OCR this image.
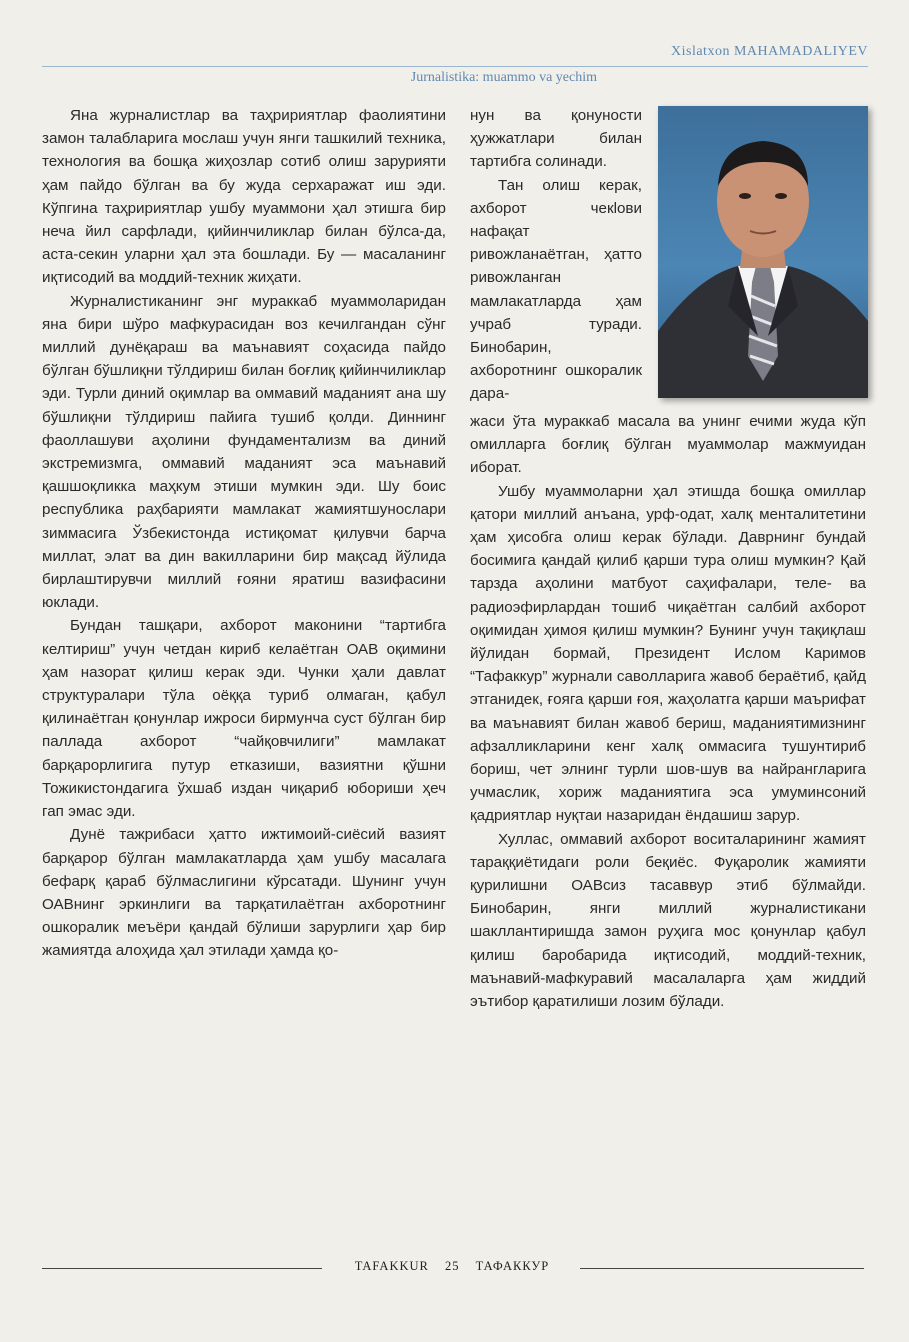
Xislatxon MAHAMADALIYEV
Jurnalistika: muammo va yechim

Яна журналистлар ва таҳририятлар фаолиятини замон талабларига мослаш учун янги ташкилий техника, технология ва бошқа жиҳозлар сотиб олиш зарурияти ҳам пайдо бўлган ва бу жуда серхаражат иш эди. Кўпгина таҳририятлар ушбу муаммони ҳал этишга бир неча йил сарфлади, қийинчиликлар билан бўлса-да, аста-секин уларни ҳал эта бошлади. Бу — масаланинг иқтисодий ва моддий-техник жиҳати.

Журналистиканинг энг мураккаб муаммоларидан яна бири шўро мафкурасидан воз кечилгандан сўнг миллий дунёқараш ва маънавият соҳасида пайдо бўлган бўшлиқни тўлдириш билан боғлиқ қийинчиликлар эди. Турли диний оқимлар ва оммавий маданият ана шу бўшлиқни тўлдириш пайига тушиб қолди. Диннинг фаоллашуви аҳолини фундаментализм ва диний экстремизмга, оммавий маданият эса маънавий қашшоқликка маҳкум этиши мумкин эди. Шу боис республика раҳбарияти мамлакат жамиятшунослари зиммасига Ўзбекистонда истиқомат қилувчи барча миллат, элат ва дин вакилларини бир мақсад йўлида бирлаштирувчи миллий ғояни яратиш вазифасини юклади.

Бундан ташқари, ахборот маконини “тартибга келтириш” учун четдан кириб келаётган ОАВ оқимини ҳам назорат қилиш керак эди. Чунки ҳали давлат структуралари тўла оёққа туриб олмаган, қабул қилинаётган қонунлар ижроси бирмунча суст бўлган бир паллада ахборот “чайқовчилиги” мамлакат барқарорлигига путур етказиши, вазиятни қўшни Тожикистондагига ўхшаб издан чиқариб юбориши ҳеч гап эмас эди.

Дунё тажрибаси ҳатто ижтимоий-сиёсий вазият барқарор бўлган мамлакатларда ҳам ушбу масалага бефарқ қараб бўлмаслигини кўрсатади. Шунинг учун ОАВнинг эркинлиги ва тарқатилаётган ахборотнинг ошкоралик меъёри қандай бўлиши зарурлиги ҳар бир жамиятда алоҳида ҳал этилади ҳамда қо-

нун ва қонуности ҳужжатлари билан тартибга солинади.

Тан олиш керак, ахборот чекlови нафақат ривожланаётган, ҳатто ривожланган мамлакатларда ҳам учраб туради. Бинобарин, ахборотнинг ошкоралик дара-

жаси ўта мураккаб масала ва унинг ечими жуда кўп омилларга боғлиқ бўлган муаммолар мажмуидан иборат.

Ушбу муаммоларни ҳал этишда бошқа омиллар қатори миллий анъана, урф-одат, халқ менталитетини ҳам ҳисобга олиш керак бўлади. Даврнинг бундай босимига қандай қилиб қарши тура олиш мумкин? Қай тарзда аҳолини матбуот саҳифалари, теле- ва радиоэфирлардан тошиб чиқаётган салбий ахборот оқимидан ҳимоя қилиш мумкин? Бунинг учун тақиқлаш йўлидан бормай, Президент Ислом Каримов “Тафаккур” журнали саволларига жавоб бераётиб, қайд этганидек, ғояга қарши ғоя, жаҳолатга қарши маърифат ва маънавият билан жавоб бериш, маданиятимизнинг афзалликларини кенг халқ оммасига тушунтириб бориш, чет элнинг турли шов-шув ва найрангларига учмаслик, хориж маданиятига эса умуминсоний қадриятлар нуқтаи назаридан ёндашиш зарур.

Хуллас, оммавий ахборот воситаларининг жамият тараққиётидаги роли беқиёс. Фуқаролик жамияти қурилишни ОАВсиз тасаввур этиб бўлмайди. Бинобарин, янги миллий журналистикани шакллантиришда замон руҳига мос қонунлар қабул қилиш баробарида иқтисодий, моддий-техник, маънавий-мафкуравий масалаларга ҳам жиддий эътибор қаратилиши лозим бўлади.

TAFAKKUR 25 ТАФАККУР
